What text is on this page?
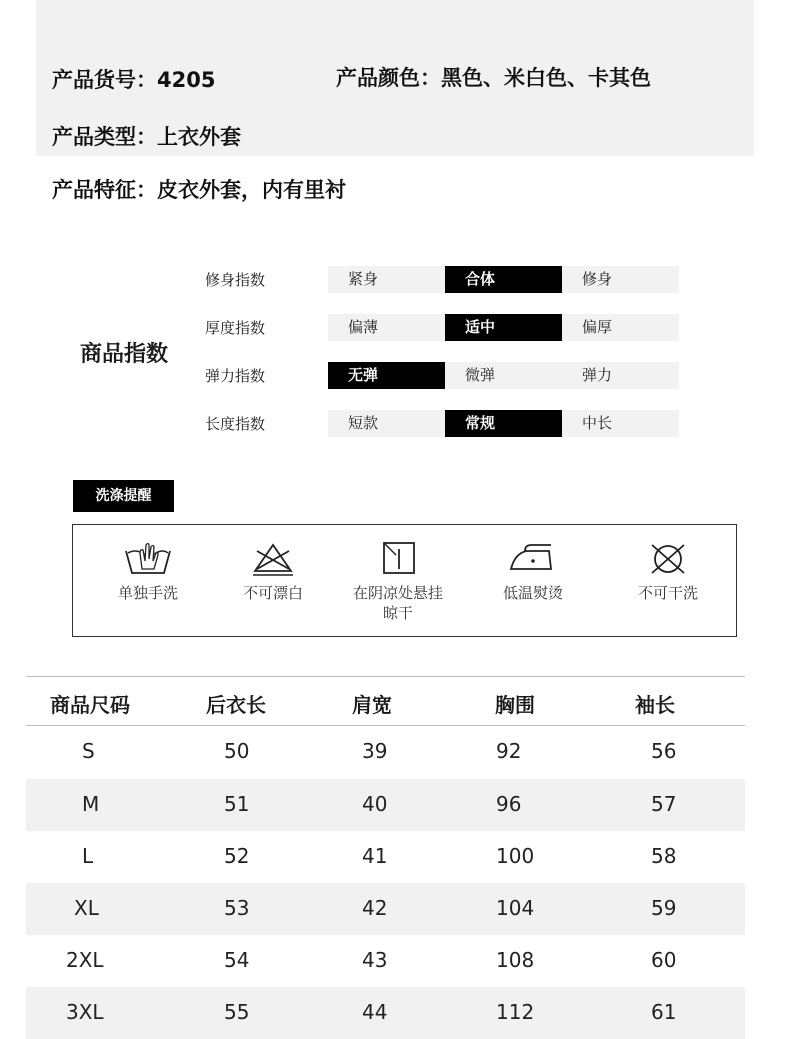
产品货号：4205	产品颜色：黑色、米白色、卡其色
产品类型：上衣外套
产品特征：皮衣外套，内有里衬
商品指数
修身指数	紧身	合体	修身
厚度指数	偏薄	适中	偏厚
弹力指数	无弹	微弹	弹力
长度指数	短款	常规	中长
洗涤提醒
单独手洗	不可漂白	在阴凉处悬挂
晾干
低温熨烫	不可干洗
商品尺码	后衣长	肩宽	胸围	袖长
S	50	39	92	56
M	51	40	96	57
L	52	41	100	58
XL	53	42	104	59
2XL	54	43	108	60
3XL	55	44	112	61
